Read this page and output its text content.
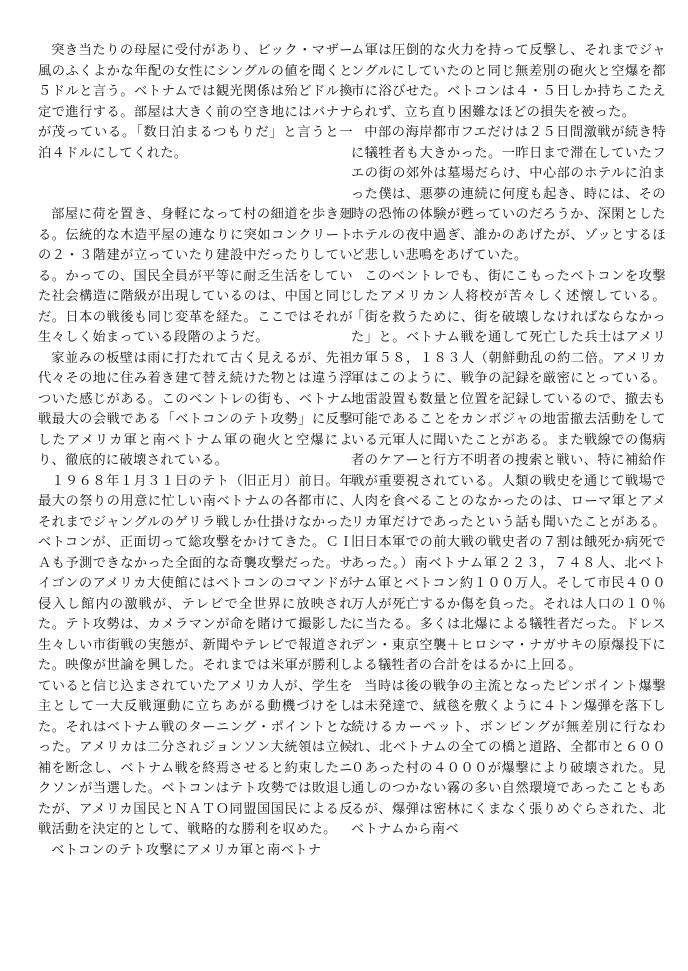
突き当たりの母屋に受付があり、ビック・マザー風のふくよかな年配の女性にシングルの値を聞くと５ドルと言う。ベトナムでは観光関係は殆どドル換定で進行する。部屋は大きく前の空き地にはバナナが茂っている。「数日泊まるつもりだ」と言うと一泊４ドルにしてくれた。

部屋に荷を置き、身軽になって村の細道を歩き廻る。伝統的な木造平屋の連なりに突如コンクリートの２・３階建が立っていたり建設中だったりしている。かっての、国民全員が平等に耐乏生活をしていた社会構造に階級が出現しているのは、中国と同じだ。日本の戦後も同じ変革を経た。ここではそれが生々しく始まっている段階のようだ。

家並みの板壁は雨に打たれて古く見えるが、先祖代々その地に住み着き建て替え続けた物とは違う浮ついた感じがある。このベントレの街も、ベトナム戦最大の会戦である「ベトコンのテト攻勢」に反撃したアメリカ軍と南ベトナム軍の砲火と空爆により、徹底的に破壊されている。

１９６８年１月３１日のテト（旧正月）前日。年最大の祭りの用意に忙しい南ベトナムの各都市に、それまでジャングルのゲリラ戦しか仕掛けなかったベトコンが、正面切って総攻撃をかけてきた。ＣＩＡも予測できなかった全面的な奇襲攻撃だった。サイゴンのアメリカ大使館にはベトコンのコマンドが侵入し館内の激戦が、テレビで全世界に放映された。テト攻勢は、カメラマンが命を賭けて撮影した生々しい市街戦の実態が、新聞やテレビで報道された。映像が世論を興した。それまでは米軍が勝利していると信じ込まされていたアメリカ人が、学生を主として一大反戦運動に立ちあがる動機づけをした。それはベトナム戦のターニング・ポイントとなった。アメリカは二分されジョンソン大統領は立候補を断念し、ベトナム戦を終焉させると約束したニクソンが当選した。ベトコンはテト攻勢では敗退したが、アメリカ国民とＮＡＴＯ同盟国国民による反戦活動を決定的として、戦略的な勝利を収めた。

ベトコンのテト攻撃にアメリカ軍と南ベトナ

ム軍は圧倒的な火力を持って反撃し、それまでジャングルにしていたのと同じ無差別の砲火と空爆を都市に浴びせた。ベトコンは４・５日しか持ちこたえられず、立ち直り困難なほどの損失を被った。

中部の海岸都市フエだけは２５日間激戦が続き特に犠牲者も大きかった。一昨日まで滞在していたフエの街の郊外は墓場だらけ、中心部のホテルに泊まった僕は、悪夢の連続に何度も起き、時には、その時の恐怖の体験が甦っていのだろうか、深閑としたホテルの夜中過ぎ、誰かのあげたが、ゾッとするほど悲しい悲鳴をあげていた。

このベントレでも、街にこもったベトコンを攻撃したアメリカン人将校が苦々しく述懐している。「街を救うために、街を破壊しなければならなかった」と。ベトナム戦を通して死亡した兵士はアメリカ軍５８，１８３人（朝鮮動乱の約二倍。アメリカ軍はこのように、戦争の記録を厳密にとっている。地雷設置も数量と位置を記録しているので、撤去も可能であることをカンボジャの地雷撤去活動をしている元軍人に聞いたことがある。また戦線での傷病者のケアーと行方不明者の捜索と戦い、特に補給作戦が重要視されている。人類の戦史を通じて戦場で人肉を食べることのなかったのは、ローマ軍とアメリカ軍だけであったという話も聞いたことがある。旧日本軍での前大戦の戦史者の７割は餓死か病死であった。）南ベトナム軍２２３，７４８人、北ベトナム軍とベトコン約１００万人。そして市民４００万人が死亡するか傷を負った。それは人口の１０％に当たる。多くは北爆による犠牲者だった。ドレスデン・東京空襲＋ヒロシマ・ナガサキの原爆投下による犠牲者の合計をはるかに上回る。

当時は後の戦争の主流となったピンポイント爆撃は未発達で、絨毯を敷くように４トン爆弾を落下し続けるカーペット、ボンビングが無差別に行なわれ、北ベトナムの全ての橋と道路、全都市と６０００あった村の４０００が爆撃により破壊された。見通しのつかない霧の多い自然環境であったこともあるが、爆弾は密林にくまなく張りめぐらされた、北ベトナムから南ベ
